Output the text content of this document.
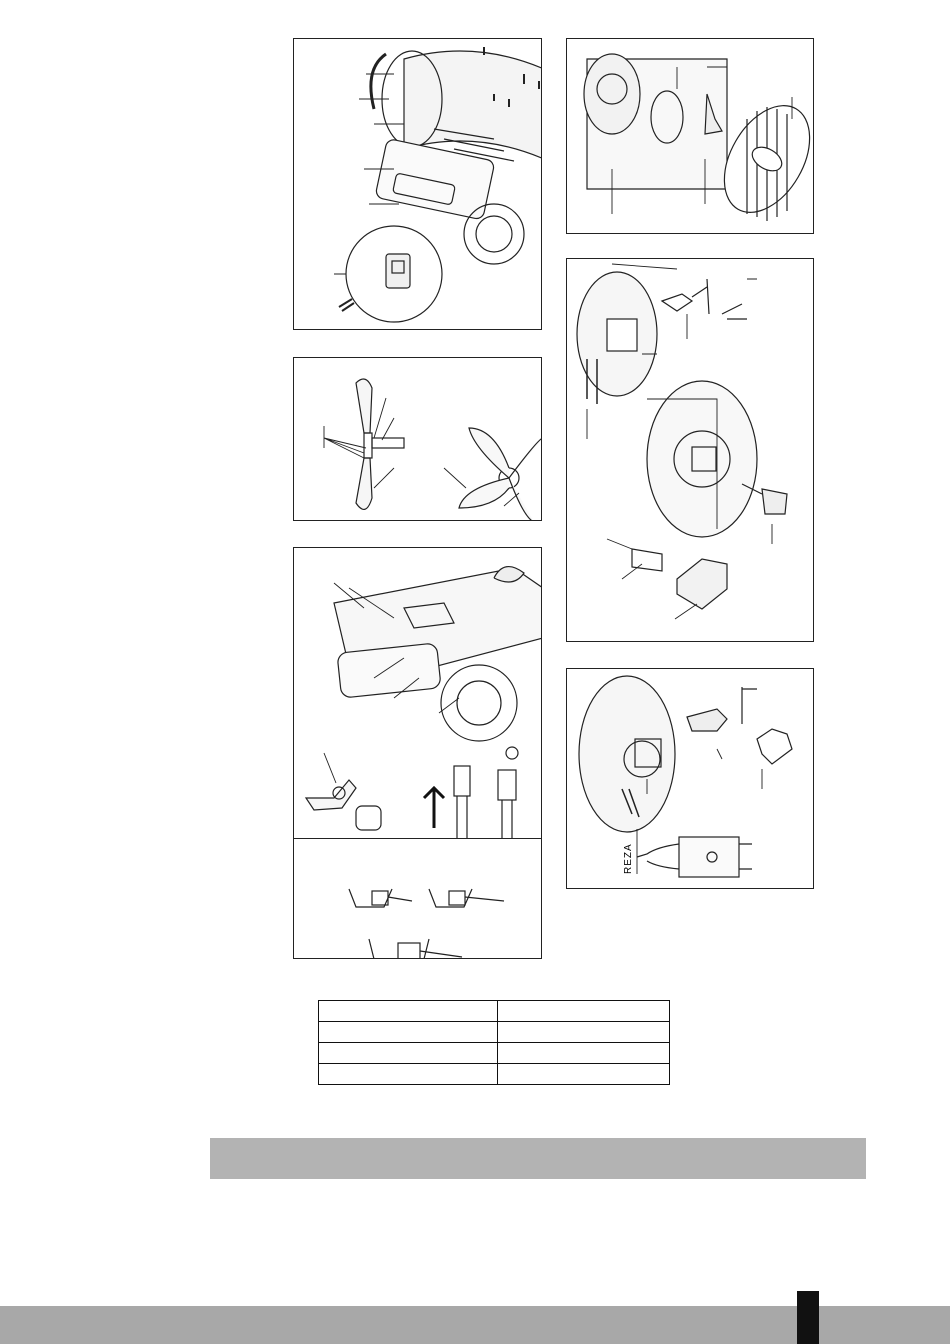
REZA
